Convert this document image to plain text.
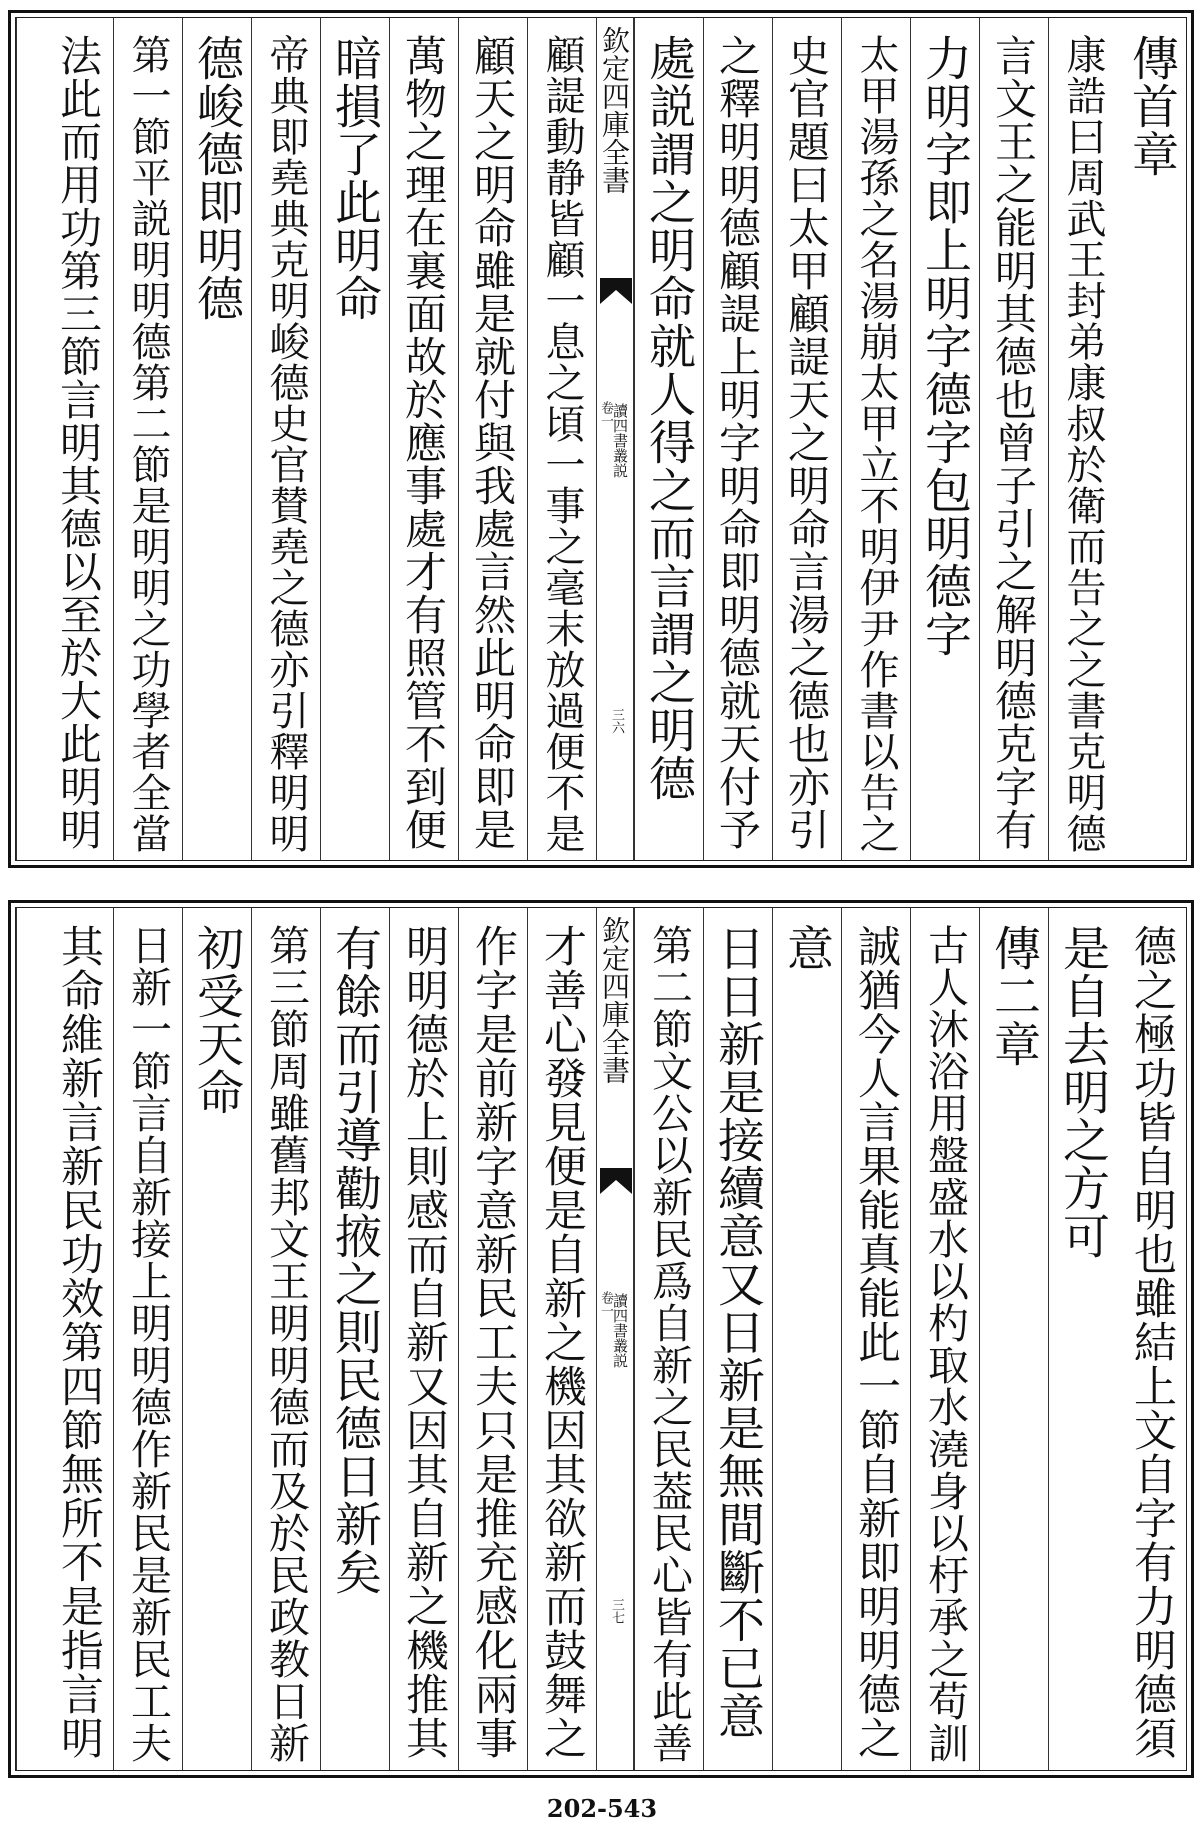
傳首章
康誥曰周武王封弟康叔於衛而告之之書克明德
言文王之能明其德也曾子引之解明德克字有
力明字即上明字德字包明德字
太甲湯孫之名湯崩太甲立不明伊尹作書以告之
史官題曰太甲顧諟天之明命言湯之德也亦引
之釋明明德顧諟上明字明命即明德就天付予
處説謂之明命就人得之而言謂之明德
欽定四庫全書
讀四書叢説
卷一
三六
顧諟動静皆顧一息之頃一事之毫末放過便不是
顧天之明命雖是就付與我處言然此明命即是
萬物之理在裏面故於應事處才有照管不到便
暗損了此明命
帝典即堯典克明峻德史官賛堯之德亦引釋明明
德峻德即明德
第一節平説明明德第二節是明明之功學者全當
法此而用功第三節言明其德以至於大此明明
德之極功皆自明也雖結上文自字有力明德須
是自去明之方可
傳二章
古人沐浴用盤盛水以杓取水澆身以杅承之苟訓
誠猶今人言果能真能此一節自新即明明德之
意
日日新是接續意又日新是無間斷不已意
第二節文公以新民爲自新之民葢民心皆有此善
欽定四庫全書
讀四書叢説
卷一
三七
才善心發見便是自新之機因其欲新而鼓舞之
作字是前新字意新民工夫只是推充感化兩事
明明德於上則感而自新又因其自新之機推其
有餘而引導勸掖之則民德日新矣
第三節周雖舊邦文王明明德而及於民政教日新
初受天命
日新一節言自新接上明明德作新民是新民工夫
其命維新言新民功效第四節無所不是指言明
202-543
